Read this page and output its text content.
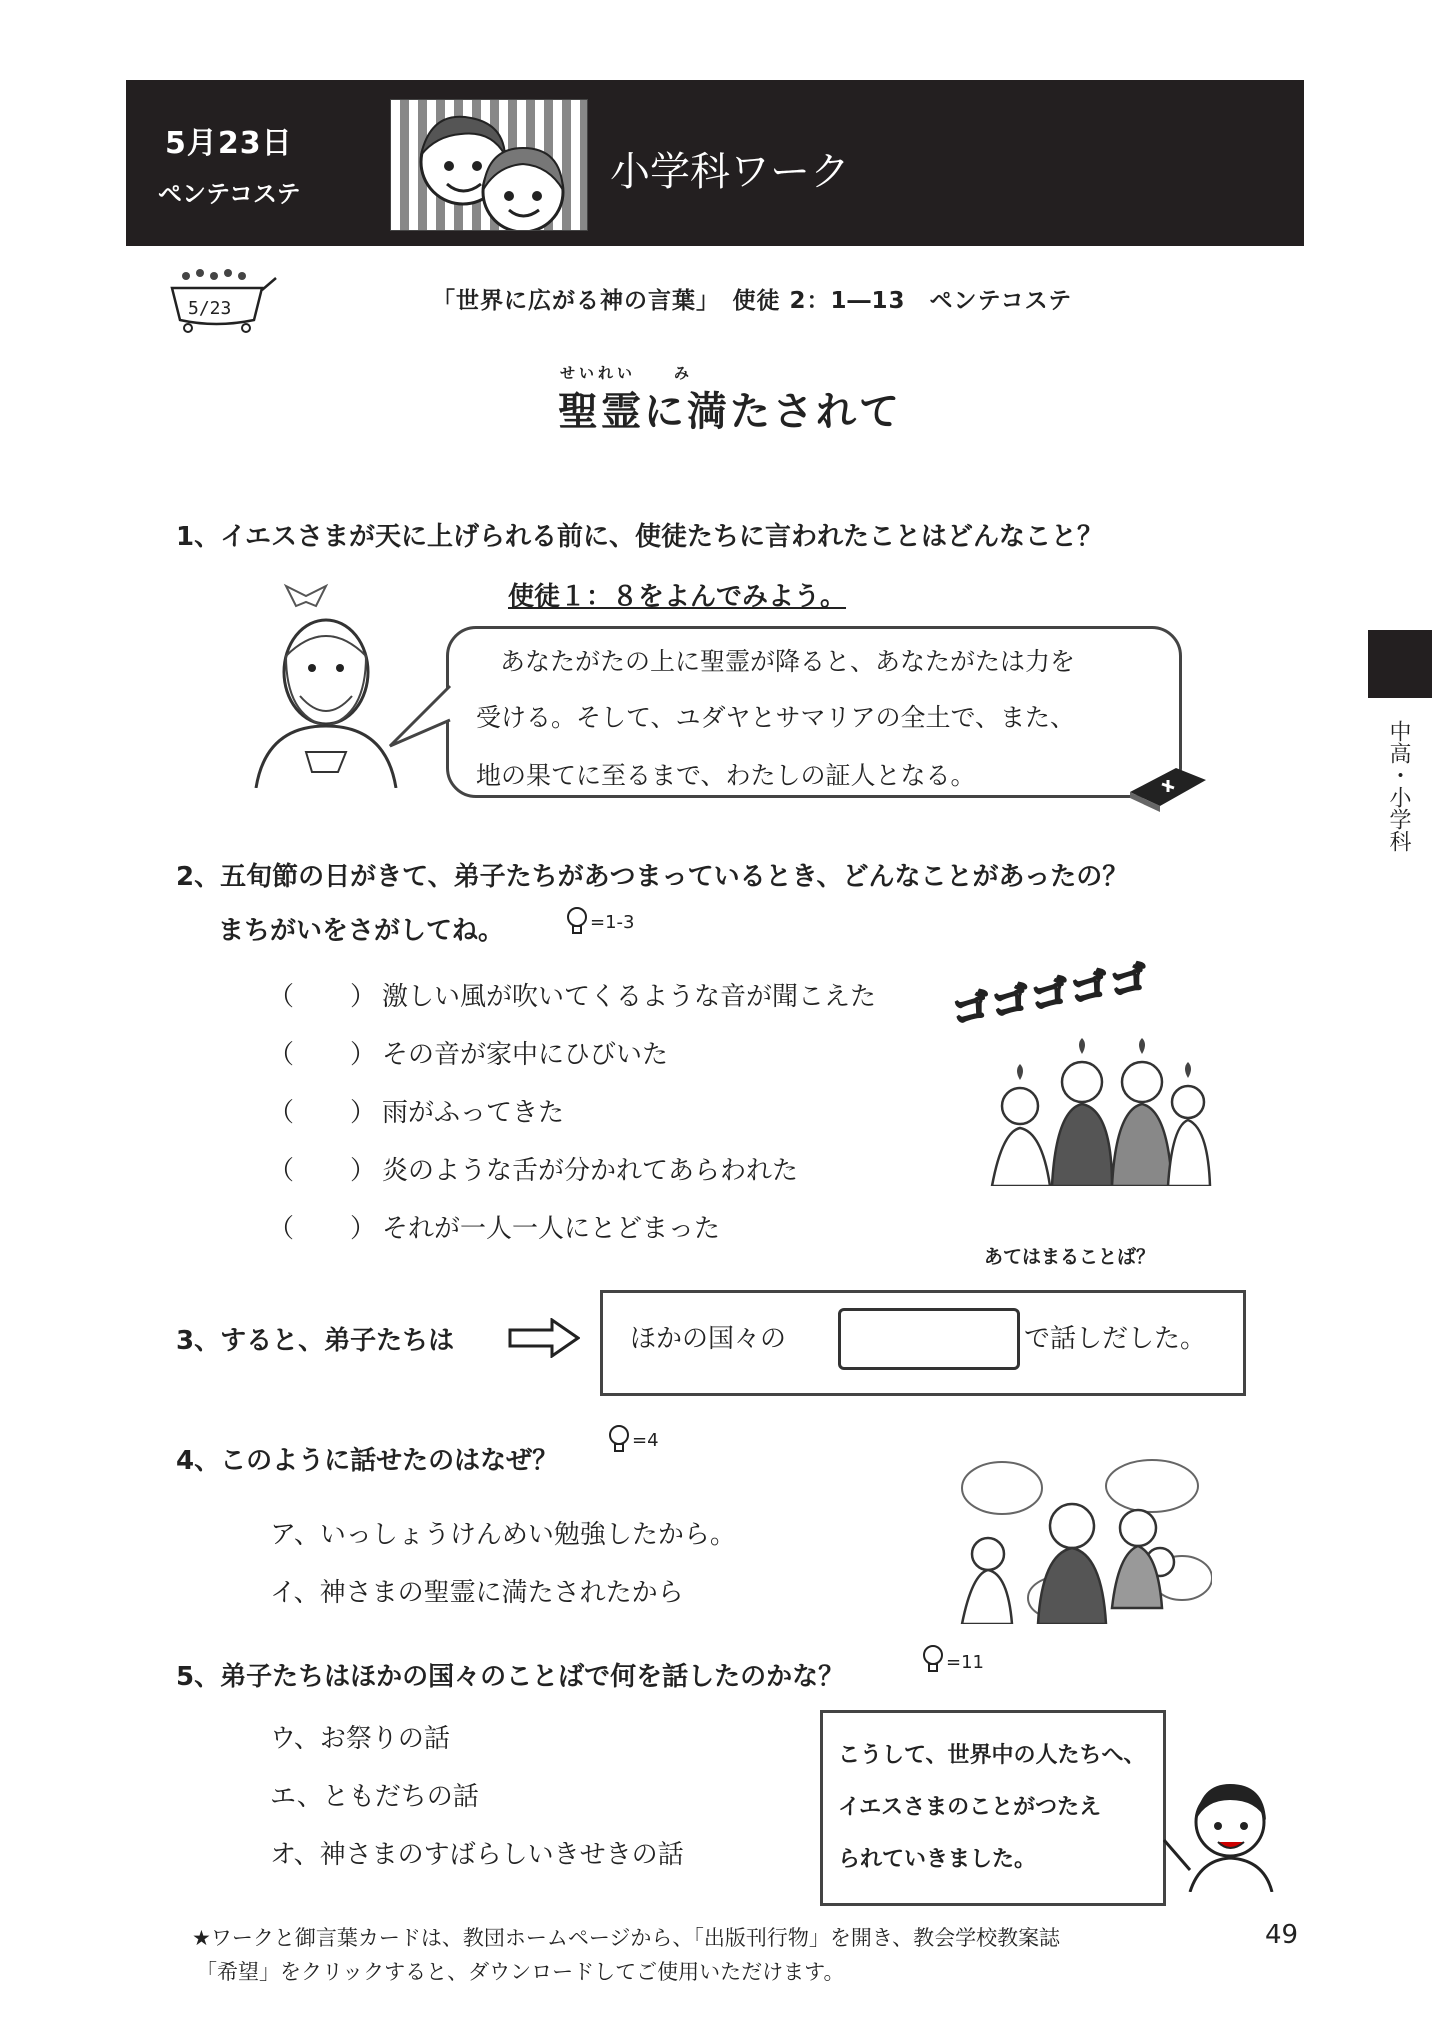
5月23日
ペンテコステ	小学科ワーク
中高・小学科
5/23	「世界に広がる神の言葉」　使徒 2：1―13　ペンテコステ
せいれい　　み
聖霊に満たされて
1、イエスさまが天に上げられる前に、使徒たちに言われたことはどんなこと？
使徒１：８をよんでみよう。
あなたがたの上に聖霊が降ると、あなたがたは力を
受ける。そして、ユダヤとサマリアの全土で、また、
地の果てに至るまで、わたしの証人となる。
2、五旬節の日がきて、弟子たちがあつまっているとき、どんなことがあったの？
まちがいをさがしてね。	=1-3
（ ） 激しい風が吹いてくるような音が聞こえた
（ ） その音が家中にひびいた
（ ） 雨がふってきた
（ ） 炎のような舌が分かれてあらわれた
（ ） それが一人一人にとどまった
ゴゴゴゴゴ
あてはまることば？
3、すると、弟子たちは	ほかの国々の	で話しだした。
4、このように話せたのはなぜ？
=4
ア、いっしょうけんめい勉強したから。
イ、神さまの聖霊に満たされたから
5、弟子たちはほかの国々のことばで何を話したのかな？	=11
ウ、お祭りの話
エ、ともだちの話
オ、神さまのすばらしいきせきの話
こうして、世界中の人たちへ、
イエスさまのことがつたえ
られていきました。
★ワークと御言葉カードは、教団ホームページから、「出版刊行物」を開き、教会学校教案誌
「希望」をクリックすると、ダウンロードしてご使用いただけます。
49
